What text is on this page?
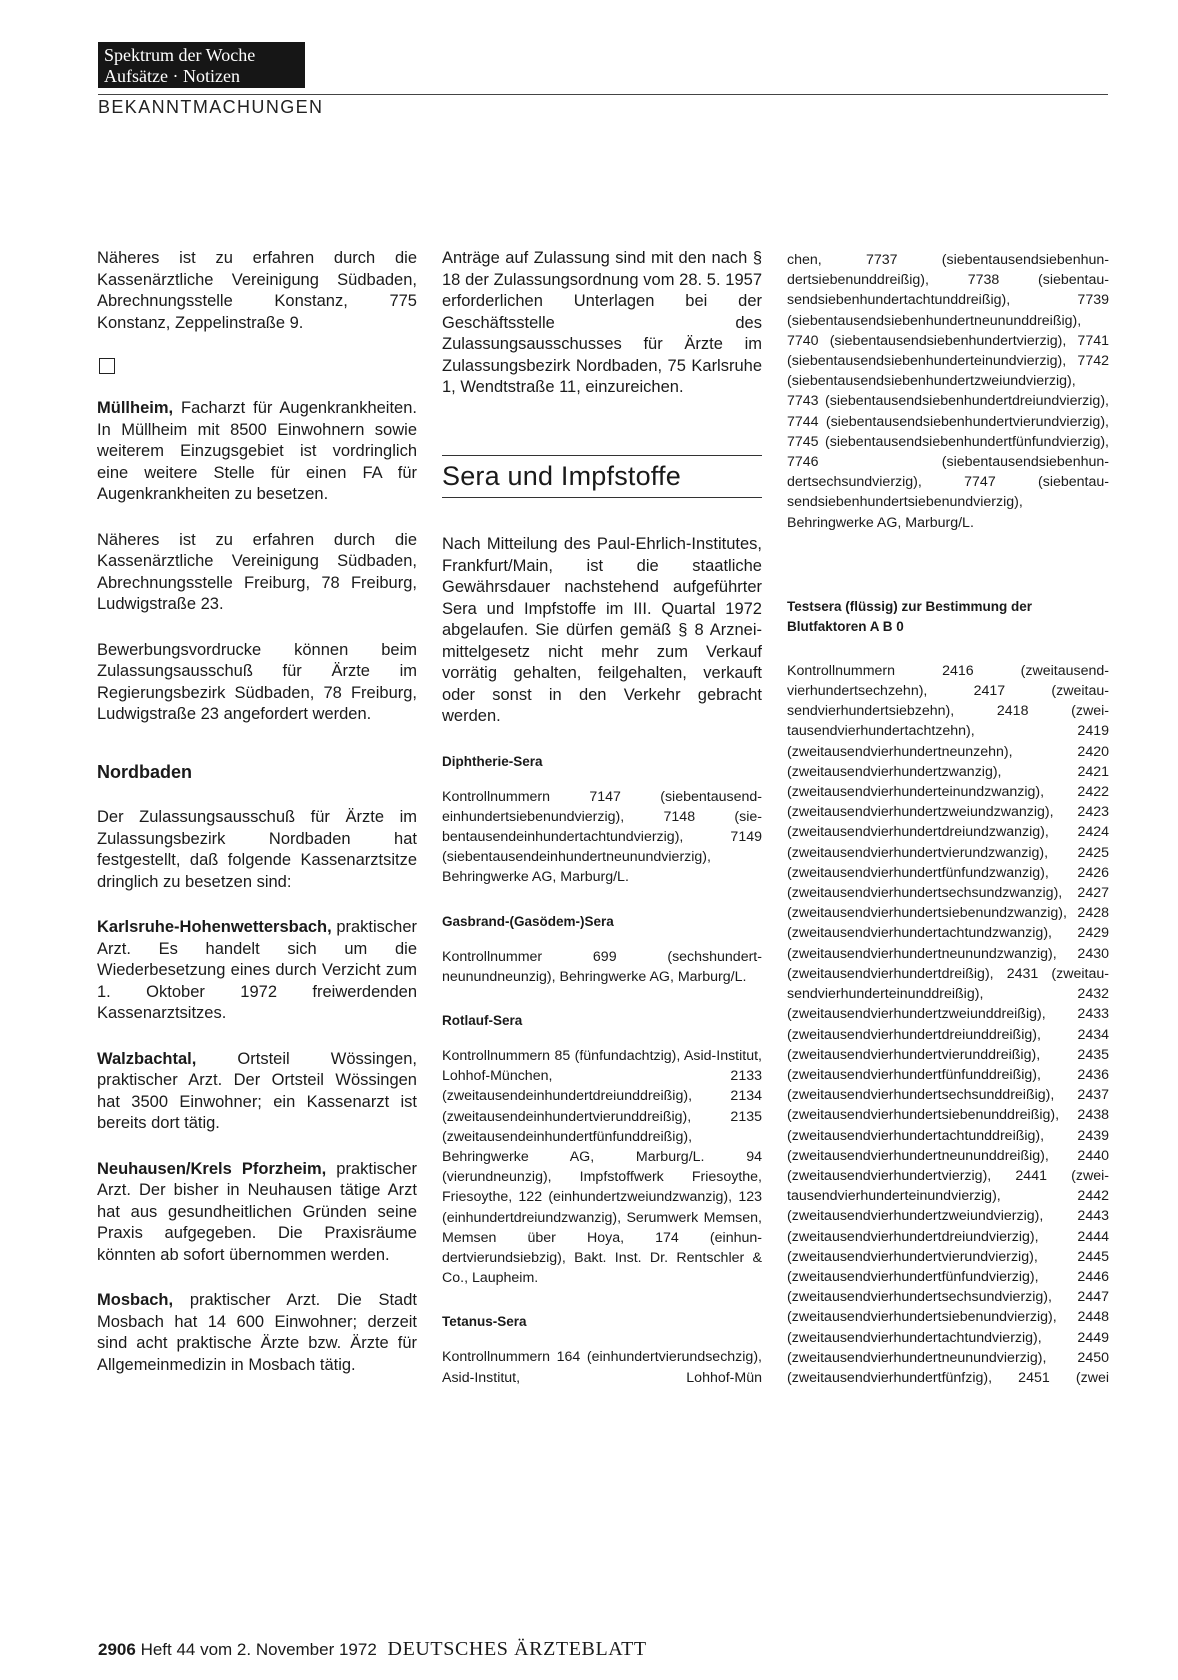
Spektrum der Woche
Aufsätze · Notizen
BEKANNTMACHUNGEN

Näheres ist zu erfahren durch die Kassenärztliche Vereinigung Südbaden, Abrechnungsstelle Konstanz, 775 Konstanz, Zeppelinstraße 9.

Müllheim, Facharzt für Augenkrankheiten. In Müllheim mit 8500 Einwohnern sowie weiterem Einzugsgebiet ist vordringlich eine weitere Stelle für einen FA für Augenkrankheiten zu besetzen.

Näheres ist zu erfahren durch die Kassenärztliche Vereinigung Südbaden, Abrechnungsstelle Freiburg, 78 Freiburg, Ludwigstraße 23.

Bewerbungsvordrucke können beim Zulassungsausschuß für Ärzte im Regierungsbezirk Südbaden, 78 Freiburg, Ludwigstraße 23 angefordert werden.

Nordbaden

Der Zulassungsausschuß für Ärzte im Zulassungsbezirk Nordbaden hat festgestellt, daß folgende Kassenarztsitze dringlich zu besetzen sind:

Karlsruhe-Hohenwettersbach, praktischer Arzt. Es handelt sich um die Wiederbesetzung eines durch Verzicht zum 1. Oktober 1972 freiwerdenden Kassenarztsitzes.

Walzbachtal, Ortsteil Wössingen, praktischer Arzt. Der Ortsteil Wössingen hat 3500 Einwohner; ein Kassenarzt ist bereits dort tätig.

Neuhausen/Krels Pforzheim, praktischer Arzt. Der bisher in Neuhausen tätige Arzt hat aus gesundheitlichen Gründen seine Praxis aufgegeben. Die Praxisräume könnten ab sofort übernommen werden.

Mosbach, praktischer Arzt. Die Stadt Mosbach hat 14 600 Einwohner; derzeit sind acht praktische Ärzte bzw. Ärzte für Allgemeinmedizin in Mosbach tätig.

Anträge auf Zulassung sind mit den nach § 18 der Zulassungsordnung vom 28. 5. 1957 erforderlichen Unterlagen bei der Geschäftsstelle des Zulassungsausschusses für Ärzte im Zulassungsbezirk Nordbaden, 75 Karlsruhe 1, Wendtstraße 11, einzureichen.

Sera und Impfstoffe

Nach Mitteilung des Paul-Ehrlich-Institutes, Frankfurt/Main, ist die staatliche Gewährsdauer nachstehend aufgeführter Sera und Impfstoffe im III. Quartal 1972 abgelaufen. Sie dürfen gemäß § 8 Arzneimittelgesetz nicht mehr zum Verkauf vorrätig gehalten, feilgehalten, verkauft oder sonst in den Verkehr gebracht werden.

Diphtherie-Sera

Kontrollnummern 7147 (siebentausendeinhundertsiebenundvierzig), 7148 (siebentausendeinhundertachtundvierzig), 7149 (siebentausendeinhundertneunundvierzig), Behringwerke AG, Marburg/L.

Gasbrand-(Gasödem-)Sera

Kontrollnummer 699 (sechshundertneunundneunzig), Behringwerke AG, Marburg/L.

Rotlauf-Sera

Kontrollnummern 85 (fünfundachtzig), Asid-Institut, Lohhof-München, 2133 (zweitausendeinhundertdreiunddreißig), 2134 (zweitausendeinhundertvierunddreißig), 2135 (zweitausendeinhundertfünfunddreißig), Behringwerke AG, Marburg/L. 94 (vierundneunzig), Impfstoffwerk Friesoythe, Friesoythe, 122 (einhundertzweiundzwanzig), 123 (einhundertdreiundzwanzig), Serumwerk Memsen, Memsen über Hoya, 174 (einhundertvierundsiebzig), Bakt. Inst. Dr. Rentschler & Co., Laupheim.

Tetanus-Sera

Kontrollnummern 164 (einhundertvierundsechzig), Asid-Institut, Lohhof-Mün

chen, 7737 (siebentausendsiebenhundertsiebenunddreißig), 7738 (siebentausendsiebenhundertachtunddreißig), 7739 (siebentausendsiebenhundertneununddreißig), 7740 (siebentausendsiebenhundertvierzig), 7741 (siebentausendsiebenhunderteinundvierzig), 7742 (siebentausendsiebenhundertzweiundvierzig), 7743 (siebentausendsiebenhundertdreiundvierzig), 7744 (siebentausendsiebenhundertvierundvierzig), 7745 (siebentausendsiebenhundertfünfundvierzig), 7746 (siebentausendsiebenhundertsechsundvierzig), 7747 (siebentausendsiebenhundertsiebenundvierzig), Behringwerke AG, Marburg/L.

Testsera (flüssig) zur Bestimmung der Blutfaktoren A B 0

Kontrollnummern 2416 (zweitausendvierhundertsechzehn), 2417 (zweitausendvierhundertsiebzehn), 2418 (zweitausendvierhundertachtzehn), 2419 (zweitausendvierhundertneunzehn), 2420 (zweitausendvierhundertzwanzig), 2421 (zweitausendvierhunderteinundzwanzig), 2422 (zweitausendvierhundertzweiundzwanzig), 2423 (zweitausendvierhundertdreiundzwanzig), 2424 (zweitausendvierhundertvierundzwanzig), 2425 (zweitausendvierhundertfünfundzwanzig), 2426 (zweitausendvierhundertsechsundzwanzig), 2427 (zweitausendvierhundertsiebenundzwanzig), 2428 (zweitausendvierhundertachtundzwanzig), 2429 (zweitausendvierhundertneunundzwanzig), 2430 (zweitausendvierhundertdreißig), 2431 (zweitausendvierhunderteinunddreißig), 2432 (zweitausendvierhundertzweiunddreißig), 2433 (zweitausendvierhundertdreiunddreißig), 2434 (zweitausendvierhundertvierunddreißig), 2435 (zweitausendvierhundertfünfunddreißig), 2436 (zweitausendvierhundertsechsunddreißig), 2437 (zweitausendvierhundertsiebenunddreißig), 2438 (zweitausendvierhundertachtunddreißig), 2439 (zweitausendvierhundertneununddreißig), 2440 (zweitausendvierhundertvierzig), 2441 (zweitausendvierhunderteinundvierzig), 2442 (zweitausendvierhundertzweiundvierzig), 2443 (zweitausendvierhundertdreiundvierzig), 2444 (zweitausendvierhundertvierundvierzig), 2445 (zweitausendvierhundertfünfundvierzig), 2446 (zweitausendvierhundertsechsundvierzig), 2447 (zweitausendvierhundertsiebenundvierzig), 2448 (zweitausendvierhundertachtundvierzig), 2449 (zweitausendvierhundertneunundvierzig), 2450 (zweitausendvierhundertfünfzig), 2451 (zwei

2906 Heft 44 vom 2. November 1972 DEUTSCHES ÄRZTEBLATT
